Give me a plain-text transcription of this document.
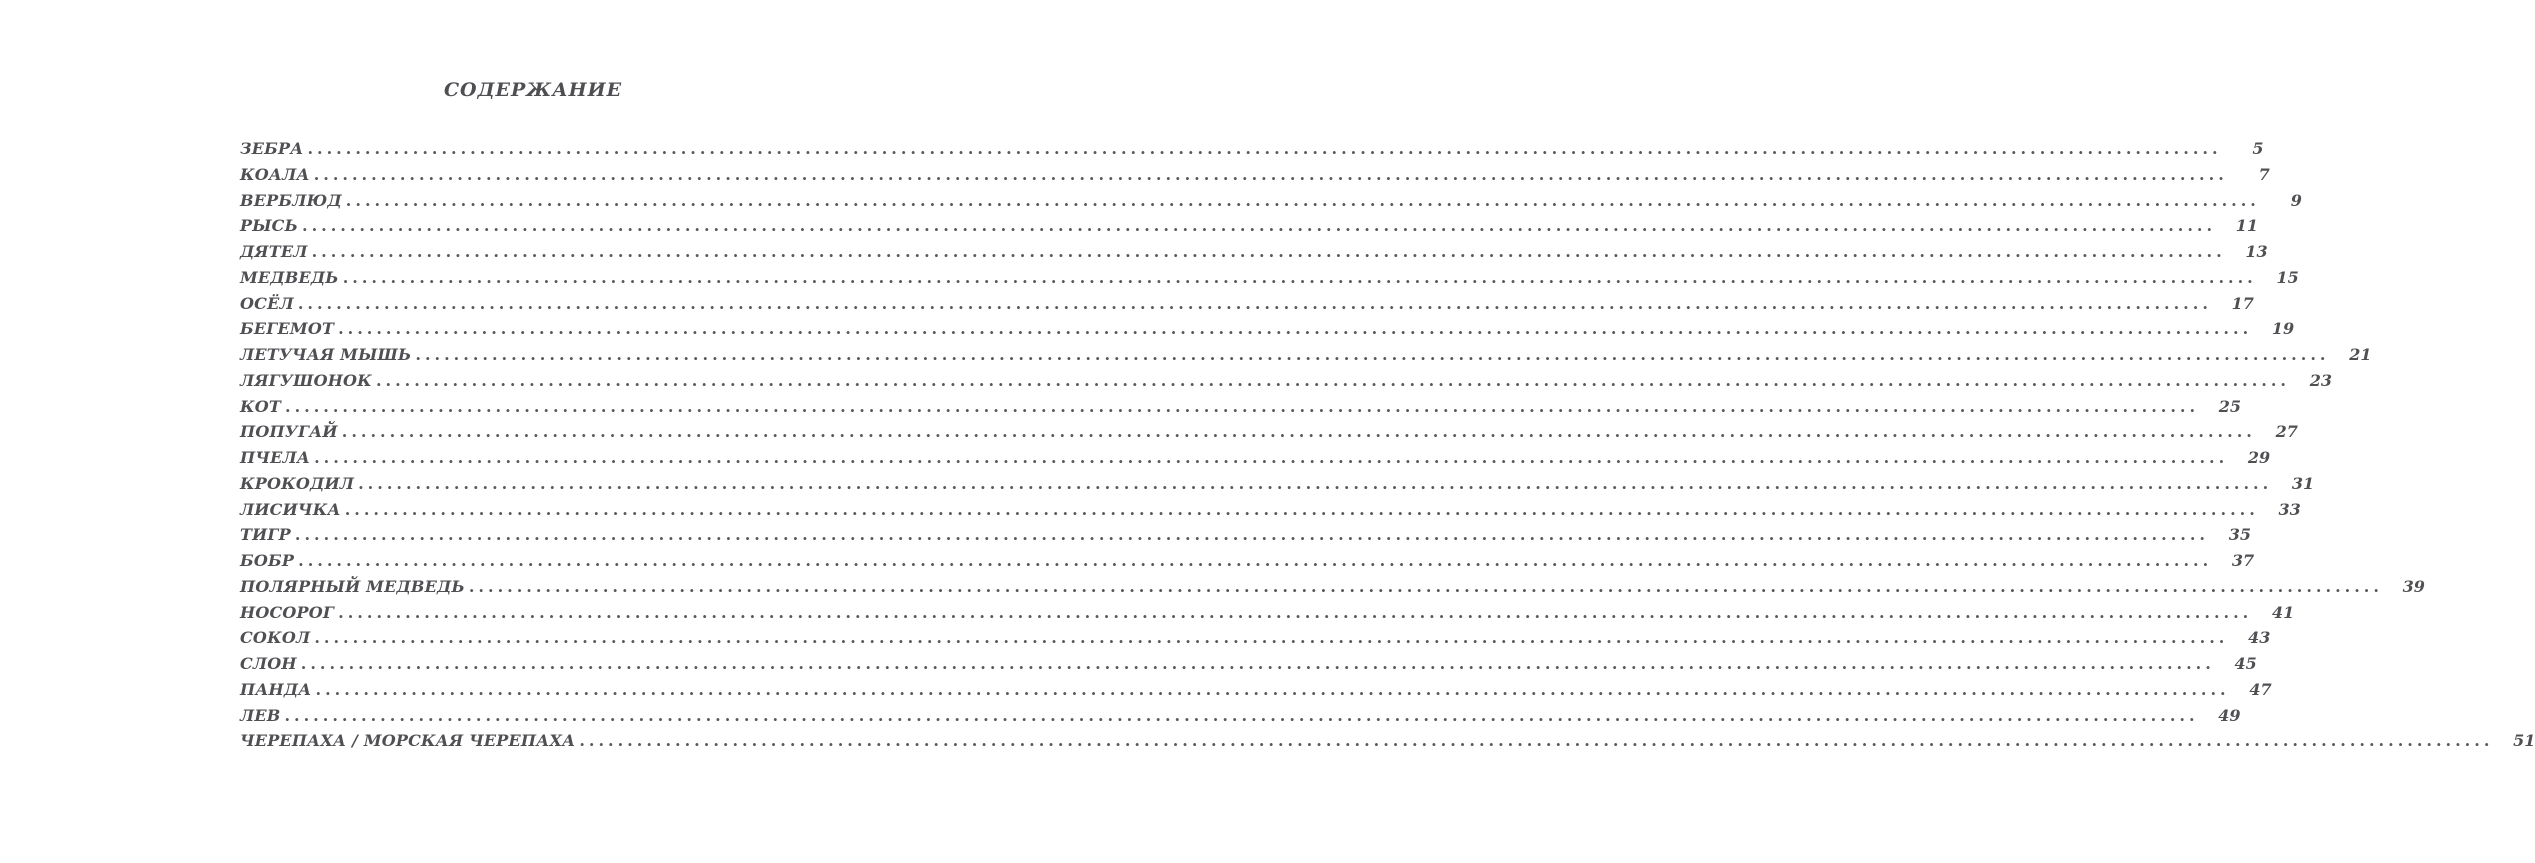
СОДЕРЖАНИЕ
ЗЕБРА ........................................................................................................................................................................................................	5
КОАЛА ........................................................................................................................................................................................................	7
ВЕРБЛЮД ........................................................................................................................................................................................................	9
РЫСЬ ........................................................................................................................................................................................................	11
ДЯТЕЛ ........................................................................................................................................................................................................	13
МЕДВЕДЬ ........................................................................................................................................................................................................	15
ОСЁЛ ........................................................................................................................................................................................................	17
БЕГЕМОТ ........................................................................................................................................................................................................	19
ЛЕТУЧАЯ МЫШЬ ........................................................................................................................................................................................................	21
ЛЯГУШОНОК ........................................................................................................................................................................................................	23
КОТ ........................................................................................................................................................................................................	25
ПОПУГАЙ ........................................................................................................................................................................................................	27
ПЧЕЛА ........................................................................................................................................................................................................	29
КРОКОДИЛ ........................................................................................................................................................................................................	31
ЛИСИЧКА ........................................................................................................................................................................................................	33
ТИГР ........................................................................................................................................................................................................	35
БОБР ........................................................................................................................................................................................................	37
ПОЛЯРНЫЙ МЕДВЕДЬ ........................................................................................................................................................................................................	39
НОСОРОГ ........................................................................................................................................................................................................	41
СОКОЛ ........................................................................................................................................................................................................	43
СЛОН ........................................................................................................................................................................................................	45
ПАНДА ........................................................................................................................................................................................................	47
ЛЕВ ........................................................................................................................................................................................................	49
ЧЕРЕПАХА / МОРСКАЯ ЧЕРЕПАХА ........................................................................................................................................................................................................	51
